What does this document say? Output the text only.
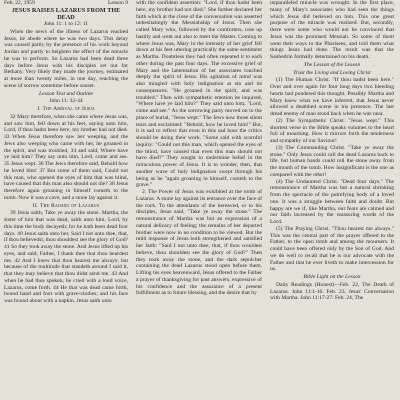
Feb. 22, 1959	Lesson 9
JESUS RAISES LAZARUS FROM THE
DEAD
John 11: 1 to 12: 11

When the news of the illness of Lazarus reached Jesus, he abode where he was two days. This delay was caused partly by the presence of his work beyond Jordan and partly to heighten the effect of the miracle he was to perform. So Lazarus had been dead three days before Jesus with his disciples set out for Bethany. Very likely they made the journey, estimated at more than twenty miles, in one day, reaching the scene of sorrow sometime before sunset.

Lesson Text and Outline
John 11: 32-44
I. The Arrival of Jesus

32 Mary therefore, when she came where Jesus was, and saw him, fell down at his feet, saying unto him, Lord, if thou hadst been here, my brother had not died. 33 When Jesus therefore saw her weeping, and the Jews also weeping who came with her, he groaned in the spirit, and was troubled, 34 and said, Where have ye laid him? They say unto him, Lord, come and see. 35 Jesus wept. 36 The Jews therefore said, Behold how he loved him! 37 But some of them said, Could not this man, who opened the eyes of him that was blind, have caused that this man also should not die? 38 Jesus therefore again groaning in himself cometh to the tomb. Now it was a cave, and a stone lay against it.

II. The Raising of Lazarus

39 Jesus saith, Take ye away the stone. Martha, the sister of him that was dead, saith unto him, Lord, by this time the body decayeth; for he hath been dead four days. 40 Jesus saith unto her, Said I not unto thee, that, if thou believedst, thou shouldest see the glory of God? 41 So they took away the stone. And Jesus lifted up his eyes, and said, Father, I thank thee that thou heardest me. 42 And I knew that thou hearest me always: but because of the multitude that standeth around I said it, that they may believe that thou didst send me. 43 And when he had thus spoken, he cried with a loud voice, Lazarus, come forth. 44 He that was dead came forth, bound hand and foot with grave-clothes; and his face was bound about with a napkin. Jesus saith unto

with the confident assertion: "Lord, if thou hadst been here, my brother had not died." She further declared her faith which at the close of the conversation was asserted unhesitatingly the Messiahship of Jesus. Then she called Mary who, followed by the comforters, rose up hastily and went out also to meet the Master. Coming to where Jesus was, Mary in the intensity of her grief fell down at his feet uttering practically the same sentiment as Martha. Doubtless they had often repeated it to each other during the past four days. The excessive grief of Mary and the lamentation of her associates touched deeply the spirit of Jesus. His agitation of mind was also mingled with holy indignation at sin and its consequences. "He groaned in the spirit, and was troubled." Then with sympathetic emotion he inquired, "Where have ye laid him?" They said unto him, "Lord, come and see." As the sorrowing party moved on to the place of burial, "Jesus wept." The Jews now those silent tears and exclaimed: "Behold, how he loved him!" But, it is sad to reflect that even in this sad hour the critics should be doing their work. "Some said with scornful inquiry: "Could not this man, which opened the eyes of the blind, have caused that even this man should not have died?" They sought to undermine belief in the miraculous power of Jesus. It is to wonder, then, that another wave of holy indignation swept through his being as he "again groaning in himself, cometh to the grave."

2. The Power of Jesus was exhibited at the tomb of Lazarus. A stone lay against its entrance over the face of the rock. To the attendants of the bereaved, or to his disciples, Jesus said, "Take ye away the stone." The remonstrance of Martha was but an expression of a natural delicacy of feeling; the remains of her departed brother were now in no condition to be viewed. But the mild response of Jesus both strengthened and satisfied her faith: "Said I not unto thee, that, if thou wouldest believe, thou shouldest see the glory of God?" Then they took away the stone, and the dark sepulcher containing the dead Lazarus stood open before them. Lifting his eyes heavenward, Jesus offered to the Father a prayer of thanksgiving for past answers, expressive of his confidence and the assurance of a present fulfillment as to future blessing, and the desire that by

unparalleled miracle was wrought. In the first place, many of Mary's associates who had seen the things which Jesus did believed on him. This one great purpose of the miracle was realized. But, secondly, there were some who would not be convinced that Jesus was the promised Messiah. So some of them went their ways to the Pharisees, and told them what things Jesus had done. The result was that the Sanhedrin formally determined on his death.

The Lesson of the Lesson
Trust the Living and Loving Christ

(1) The Human Christ. "If thou hadst been here." Over and over again for four long days two bleeding hearts had pondered this thought. Possibly Martha and Mary knew what we have inferred, that Jesus never allowed a deathbed scene in his presence. The last dread enemy of man stood back when he was near.

(2) The Sympathetic Christ. "Jesus wept." This shortest verse in the Bible speaks volumes to the heart full of mourning. How it mirrors forth the tenderness and sympathy of our Saviour!

(3) The Commanding Christ. "Take ye away the stone." Only Jesus could call the dead Lazarus back to life, but human hands could roll the stone away from the mouth of the tomb. How insignificant is the one as compared with the other!

(4) The Undaunted Christ. "Dead four days." The remonstrance of Martha was but a natural shrinking from the spectacle of the putrefying body of a loved one. It was a struggle between faith and doubt. But happy are we if, like Martha, our fears are calmed and our faith increased by the reassuring words of the Lord.

(5) The Praying Christ. "Thou hearest me always." This was the central part of the prayer offered to the Father, to the open tomb and among the mourners. It could have been offered only by the Son of God. And we do well to recall that he is our advocate with the Father and that he ever liveth to make intercession for us.

Bible Light on the Lesson

Daily Readings (Honest)—Feb. 22, The Death of Lazarus. John 11:1-16. Feb. 23, Jesus' Conversation with Martha. John 11:17-27. Feb. 24, The
